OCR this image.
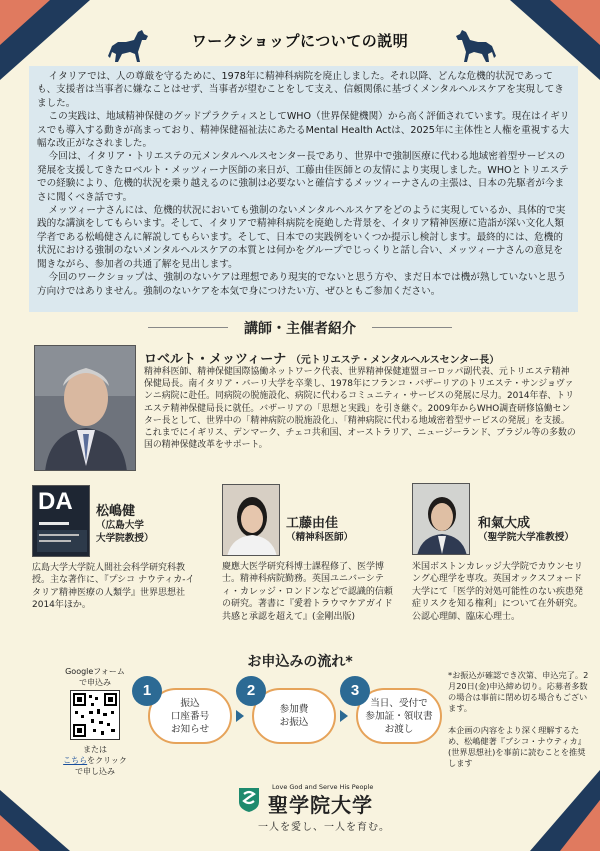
ワークショップについての説明

イタリアでは、人の尊厳を守るために、1978年に精神科病院を廃止しました。それ以降、どんな危機的状況であっても、支援者は当事者に嫌なことはせず、当事者が望むことをして支え、信頼関係に基づくメンタルヘルスケアを実現してきました。

この実践は、地域精神保健のグッドプラクティスとしてWHO（世界保健機関）から高く評価されています。現在はイギリスでも導入する動きが高まっており、精神保健福祉法にあたるMental Health Actは、2025年に主体性と人権を重視する大幅な改正がなされました。

今回は、イタリア・トリエステの元メンタルヘルスセンター長であり、世界中で強制医療に代わる地域密着型サービスの発展を支援してきたロベルト・メッツィーナ医師の来日が、工藤由佳医師との友情により実現しました。WHOとトリエステでの経験により、危機的状況を乗り越えるのに強制は必要ないと確信するメッツィーナさんの主張は、日本の先駆者が今まさに聞くべき話です。

メッツィーナさんには、危機的状況においても強制のないメンタルヘルスケアをどのように実現しているか、具体的で実践的な講演をしてもらいます。そして、イタリアで精神科病院を廃絶した背景を、イタリア精神医療に造詣が深い文化人類学者である松嶋健さんに解説してもらいます。そして、日本での実践例をいくつか提示し検討します。最終的には、危機的状況における強制のないメンタルヘルスケアの本質とは何かをグループでじっくりと話し合い、メッツィーナさんの意見を聞きながら、参加者の共通了解を見出します。

今回のワークショップは、強制のないケアは理想であり現実的でないと思う方や、まだ日本では機が熟していないと思う方向けではありません。強制のないケアを本気で身につけたい方、ぜひともご参加ください。

講師・主催者紹介
ロベルト・メッツィーナ （元トリエステ・メンタルヘルスセンター長）
精神科医師、精神保健国際協働ネットワーク代表、世界精神保健連盟ヨーロッパ副代表、元トリエステ精神保健局長。南イタリア・バーリ大学を卒業し、1978年にフランコ・バザーリアのトリエステ・サンジョヴァンニ病院に赴任。同病院の脱施設化、病院に代わるコミュニティ・サービスの発展に尽力。2014年春、トリエステ精神保健局長に就任。バザーリアの「思想と実践」を引き継ぐ。2009年からWHO調査研修協働センター長として、世界中の「精神病院の脱施設化」、「精神病院に代わる地域密着型サービスの発展」を支援。これまでにイギリス、デンマーク、チェコ共和国、オーストラリア、ニュージーランド、ブラジル等の多数の国の精神保健改革をサポート。
DA 松嶋健
（広島大学
大学院教授）
広島大学大学院人間社会科学研究科教授。主な著作に、『プシコ ナウティカ-イタリア精神医療の人類学』世界思想社 2014年ほか。
工藤由佳
（精神科医師）
慶應大医学研究科博士課程修了、医学博士。精神科病院勤務。英国ユニバーシティ・カレッジ・ロンドンなどで認識的信頼の研究。著書に『愛着トラウマケアガイド 共感と承認を超えて』(金剛出版)
和氣大成
（聖学院大学准教授）
米国ボストンカレッジ大学院でカウンセリング心理学を専攻。英国オックスフォード大学にて「医学的対処可能性のない疾患発症リスクを知る権利」について在外研究。公認心理師、臨床心理士。
お申込みの流れ*
Googleフォーム
で申込み
または
こちらをクリック
で申し込み
振込
口座番号
お知らせ
1
参加費
お振込
2
当日、受付で
参加証・領収書
お渡し
3
*お振込が確認でき次第、申込完了。2月20日(金)申込締め切り。応募者多数の場合は事前に閉め切る場合もございます。

本企画の内容をより深く理解するため、松嶋健著『プシコ・ナウティカ』(世界思想社)を事前に読むことを推奨します
Love God and Serve His People
聖学院大学
一人を愛し、一人を育む。
